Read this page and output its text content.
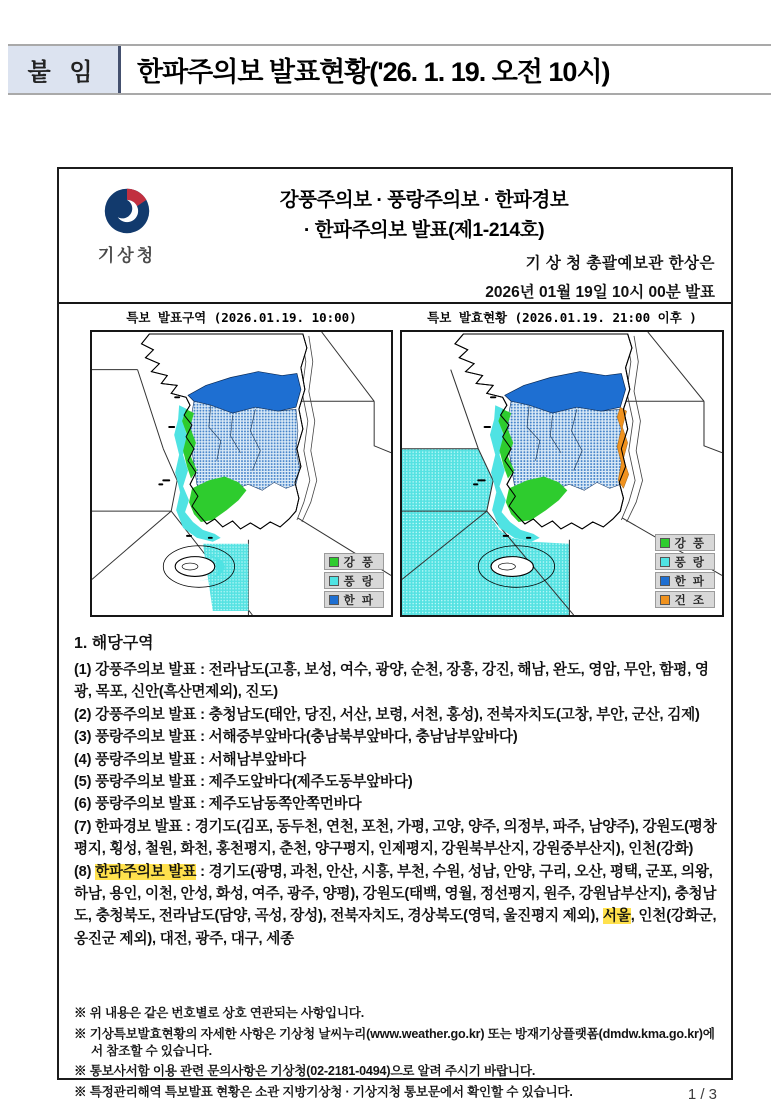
붙 임	한파주의보 발표현황('26. 1. 19. 오전 10시)
기상청
강풍주의보 · 풍랑주의보 · 한파경보
· 한파주의보 발표(제1-214호)
기 상 청 총괄예보관 한상은
2026년 01월 19일 10시 00분 발표
특보 발표구역 (2026.01.19. 10:00)	특보 발효현황 (2026.01.19. 21:00 이후 )
강 풍
풍 랑
한 파
강 풍
풍 랑
한 파
건 조
1. 해당구역

(1) 강풍주의보 발표 : 전라남도(고흥, 보성, 여수, 광양, 순천, 장흥, 강진, 해남, 완도, 영암, 무안, 함평, 영광, 목포, 신안(흑산면제외), 진도)

(2) 강풍주의보 발표 : 충청남도(태안, 당진, 서산, 보령, 서천, 홍성), 전북자치도(고창, 부안, 군산, 김제)

(3) 풍랑주의보 발표 : 서해중부앞바다(충남북부앞바다, 충남남부앞바다)

(4) 풍랑주의보 발표 : 서해남부앞바다

(5) 풍랑주의보 발표 : 제주도앞바다(제주도동부앞바다)

(6) 풍랑주의보 발표 : 제주도남동쪽안쪽먼바다

(7) 한파경보 발표 : 경기도(김포, 동두천, 연천, 포천, 가평, 고양, 양주, 의정부, 파주, 남양주), 강원도(평창평지, 횡성, 철원, 화천, 홍천평지, 춘천, 양구평지, 인제평지, 강원북부산지, 강원중부산지), 인천(강화)

(8) 한파주의보 발표 : 경기도(광명, 과천, 안산, 시흥, 부천, 수원, 성남, 안양, 구리, 오산, 평택, 군포, 의왕, 하남, 용인, 이천, 안성, 화성, 여주, 광주, 양평), 강원도(태백, 영월, 정선평지, 원주, 강원남부산지), 충청남도, 충청북도, 전라남도(담양, 곡성, 장성), 전북자치도, 경상북도(영덕, 울진평지 제외), 서울, 인천(강화군,옹진군 제외), 대전, 광주, 대구, 세종

※ 위 내용은 같은 번호별로 상호 연관되는 사항입니다.

※ 기상특보발효현황의 자세한 사항은 기상청 날씨누리(www.weather.go.kr) 또는 방재기상플랫폼(dmdw.kma.go.kr)에서 참조할 수 있습니다.

※ 통보사서함 이용 관련 문의사항은 기상청(02-2181-0494)으로 알려 주시기 바랍니다.

※ 특정관리해역 특보발표 현황은 소관 지방기상청 · 기상지청 통보문에서 확인할 수 있습니다.	1 / 3
